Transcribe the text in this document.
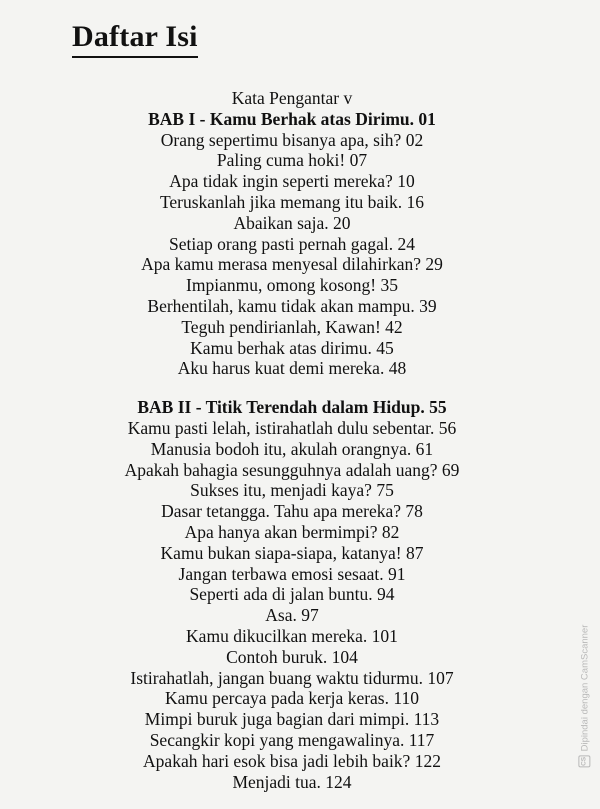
Daftar Isi
Kata Pengantar v
BAB I - Kamu Berhak atas Dirimu. 01
Orang sepertimu bisanya apa, sih? 02
Paling cuma hoki! 07
Apa tidak ingin seperti mereka? 10
Teruskanlah jika memang itu baik. 16
Abaikan saja. 20
Setiap orang pasti pernah gagal. 24
Apa kamu merasa menyesal dilahirkan? 29
Impianmu, omong kosong! 35
Berhentilah, kamu tidak akan mampu. 39
Teguh pendirianlah, Kawan! 42
Kamu berhak atas dirimu. 45
Aku harus kuat demi mereka. 48
BAB II - Titik Terendah dalam Hidup. 55
Kamu pasti lelah, istirahatlah dulu sebentar. 56
Manusia bodoh itu, akulah orangnya. 61
Apakah bahagia sesungguhnya adalah uang? 69
Sukses itu, menjadi kaya? 75
Dasar tetangga. Tahu apa mereka? 78
Apa hanya akan bermimpi? 82
Kamu bukan siapa-siapa, katanya! 87
Jangan terbawa emosi sesaat. 91
Seperti ada di jalan buntu. 94
Asa. 97
Kamu dikucilkan mereka. 101
Contoh buruk. 104
Istirahatlah, jangan buang waktu tidurmu. 107
Kamu percaya pada kerja keras. 110
Mimpi buruk juga bagian dari mimpi. 113
Secangkir kopi yang mengawalinya. 117
Apakah hari esok bisa jadi lebih baik? 122
Menjadi tua. 124
CS
Dipindai dengan CamScanner
